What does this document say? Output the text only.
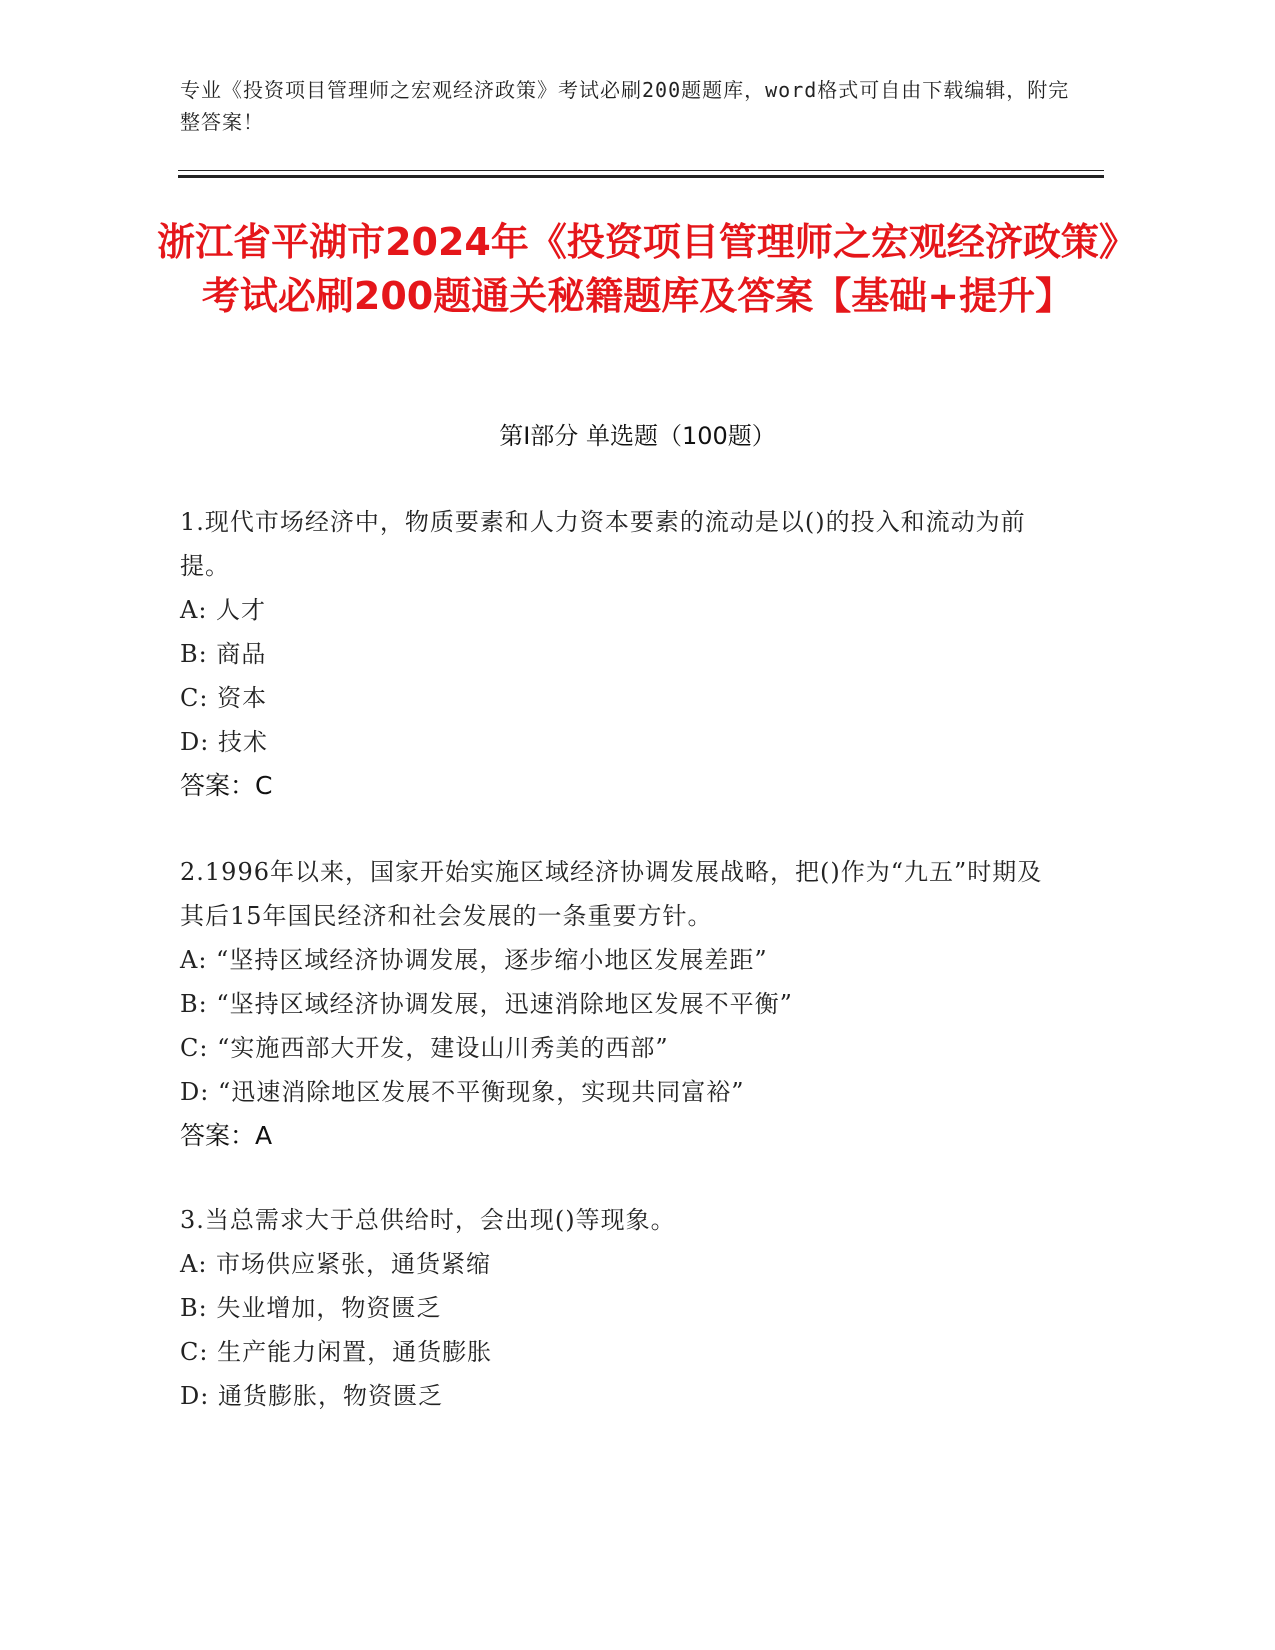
专业《投资项目管理师之宏观经济政策》考试必刷200题题库，word格式可自由下载编辑，附完整答案！
浙江省平湖市2024年《投资项目管理师之宏观经济政策》考试必刷200题通关秘籍题库及答案【基础+提升】
第Ⅰ部分 单选题（100题）
1.现代市场经济中，物质要素和人力资本要素的流动是以()的投入和流动为前提。
A: 人才
B: 商品
C: 资本
D: 技术
答案：C
2.1996年以来，国家开始实施区域经济协调发展战略，把()作为“九五”时期及其后15年国民经济和社会发展的一条重要方针。
A: “坚持区域经济协调发展，逐步缩小地区发展差距”
B: “坚持区域经济协调发展，迅速消除地区发展不平衡”
C: “实施西部大开发，建设山川秀美的西部”
D: “迅速消除地区发展不平衡现象，实现共同富裕”
答案：A
3.当总需求大于总供给时，会出现()等现象。
A: 市场供应紧张，通货紧缩
B: 失业增加，物资匮乏
C: 生产能力闲置，通货膨胀
D: 通货膨胀，物资匮乏
